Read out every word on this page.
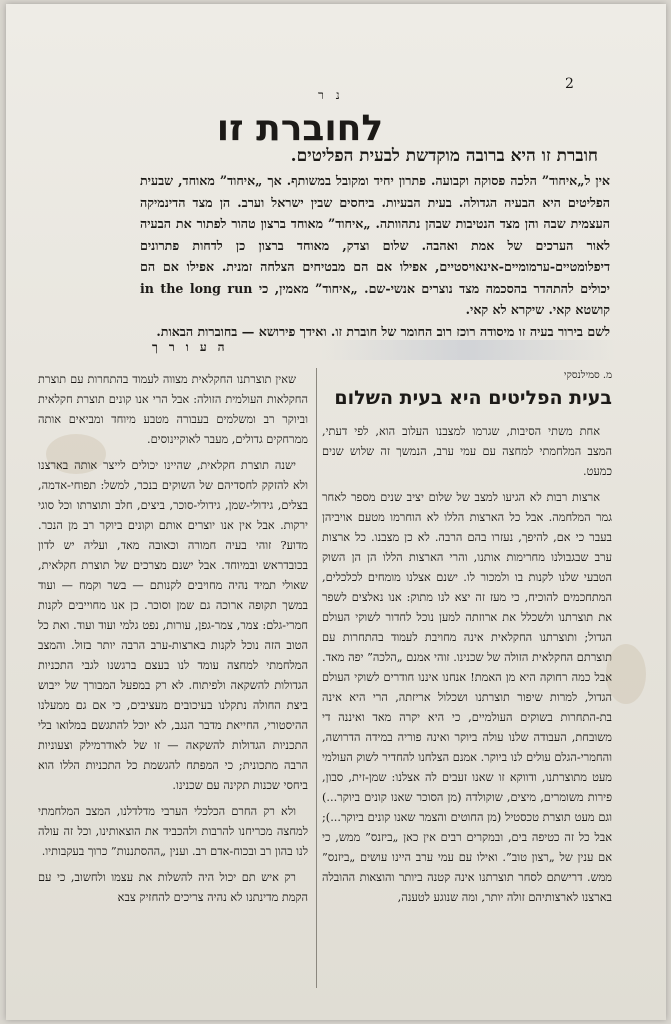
2
נ ר
לחוברת זו
חוברת זו היא ברובה מוקדשת לבעית הפליטים.

אין ל„איחוד” הלכה פסוקה וקבועה. פתרון יחיד ומקובל במשותף. אך „איחוד” מאוחד, שבעית הפליטים היא הבעיה הגדולה. בעית הבעיות. ביחסים שבין ישראל וערב. הן מצד הדינמיקה העצמית שבה והן מצד הנטיבות שבהן נתהוותה. „איחוד” מאוחד ברצון טהור לפתור את הבעיה לאור הערכים של אמת ואהבה. שלום וצדק, מאוחד ברצון כן לדחות פתרונים דיפלומטיים-ערמומיים-אינאויסטיים, אפילו אם הם מבטיחים הצלחה זמנית. אפילו אם הם יכולים להתהדר בהסכמה מצד נוצרים אנשי-שם. „איחוד” מאמין, כי in the long run קושטא קאי. שיקרא לא קאי.

לשם בירור בעיה זו מיסודה רוכז רוב החומר של חוברת זו. ואידך פירושא — בחוברות הבאות.

העורך
מ. סמילנסקי
בעית הפליטים היא בעית השלום

אחת משתי הסיבות, שגרמו למצבנו העלוב הוא, לפי דעתי, המצב המלחמתי למחצה עם עמי ערב, הנמשך זה שלוש שנים כמעט.

ארצות רבות לא הגיעו למצב של שלום יציב שנים מספר לאחר גמר המלחמה. אבל כל הארצות הללו לא הוחרמו מטעם אויביהן בעבר כי אם, להיפך, נעזרו בהם הרבה. לא כן מצבנו. כל ארצות ערב שבגבולנו מחרימות אותנו, והרי הארצות הללו הן הן השוק הטבעי שלנו לקנות בו ולמכור לו. ישנם אצלנו מומחים לכלכלים, המתחכמים להוכיח, כי מעז זה יצא לנו מתוק: אנו נאלצים לשפר את תוצרתנו ולשכלל את ארוזתה למען נוכל לחדור לשוקי העולם הגדול; ותוצרתנו החקלאית אינה מחויבת לעמוד בהתחרות עם תוצרתם החקלאית הזולה של שכנינו. זוהי אמנם „הלכה” יפה מאד. אבל כמה רחוקה היא מן האמת! אנחנו איננו חודרים לשוקי העולם הגדול, למרות שיפור תוצרתנו ושכלול אריזתה, הרי היא אינה בת-התחרות בשוקים העולמיים, כי היא יקרה מאד ואיננה די משובחת, העבודה שלנו עולה ביוקר ואינה פוריה במידה הדרושה, והחמרי-הגלם עולים לנו ביוקר. אמנם הצלחנו להחדיר לשוק העולמי מעט מתוצרתנו, ודווקא זו שאנו זעבים לה אצלנו: שמן-זית, סבון, פירות משומרים, מיצים, שוקולדה (מן הסוכר שאנו קונים ביוקר...) וגם מעט תוצרת טכסטיל (מן החוטים והצמר שאנו קונים ביוקר...); אבל כל זה כטיפה בים, ובמקרים רבים אין כאן „ביזנס” ממש, כי אם ענין של „רצון טוב”. ואילו עם עמי ערב היינו עושים „ביזנס” ממש. דרישתם לסחר תוצרתנו אינה קטנה ביותר והוצאות ההובלה בארצנו לארצותיהם זולה יותר, ומה שנוגע לטענה,

שאין תוצרתנו החקלאית מצווה לעמוד בהתחרות עם תוצרת החקלאות העולמית הזולה: אבל הרי אנו קונים תוצרת חקלאית וביוקר רב ומשלמים בעבורה מטבע מיוחד ומביאים אותה ממרחקים גדולים, מעבר לאוקיינוסים.

ישנה תוצרת חקלאית, שהיינו יכולים לייצר אותה בארצנו ולא להזקק לחסדיהם של השוקים בנכר, למשל: תפוחי-אדמה, בצלים, גידולי-שמן, גידולי-סוכר, ביצים, חלב ותוצרתו וכל סוגי ירקות. אבל אין אנו יוצרים אותם וקונים ביוקר רב מן הנכר. מדוע? זוהי בעיה חמורה וכאובה מאד, ועליה יש לדון בכובדראש ובמיוחד. אבל ישנם מצרכים של תוצרת חקלאית, שאולי תמיד נהיה מחויבים לקנותם — בשר וקמח — ועוד במשך תקופה ארוכה גם שמן וסוכר. כן אנו מחוייבים לקנות חמרי-גלם: צמר, צמר-גפן, עורות, נפט גלמי ועוד ועוד. ואת כל הטוב הזה נוכל לקנות בארצות-ערב הרבה יותר בזול. והמצב המלחמתי למחצה עומד לנו בעצם ברגשנו לגבי התכניות הגדולות להשקאה ולפיתוח. לא רק במפעל המבורך של ייבוש ביצת החולה נתקלנו בעיכובים מעציבים, כי אם גם ממעלנו ההיסטורי, החייאת מדבר הנגב, לא יוכל להתגשם במלואו בלי התכניות הגדולות להשקאה — זו של לאודרמילק וצעוניות הרבה מתכונית; כי המפתח להגשמת כל התכניות הללו הוא ביחסי שכנות תקינה עם שכנינו.

ולא רק החרם הכלכלי הערבי מדלדלנו, המצב המלחמתי למחצה מכריחנו להרבות ולהכביד את הוצאותינו, וכל זה עולה לנו בהון רב ובכוח-אדם רב. וענין „ההסתננות” כרוך בעקבותיו.

רק איש תם יכול היה להשלות את עצמו ולחשוב, כי עם הקמת מדינתנו לא נהיה צריכים להחזיק צבא
